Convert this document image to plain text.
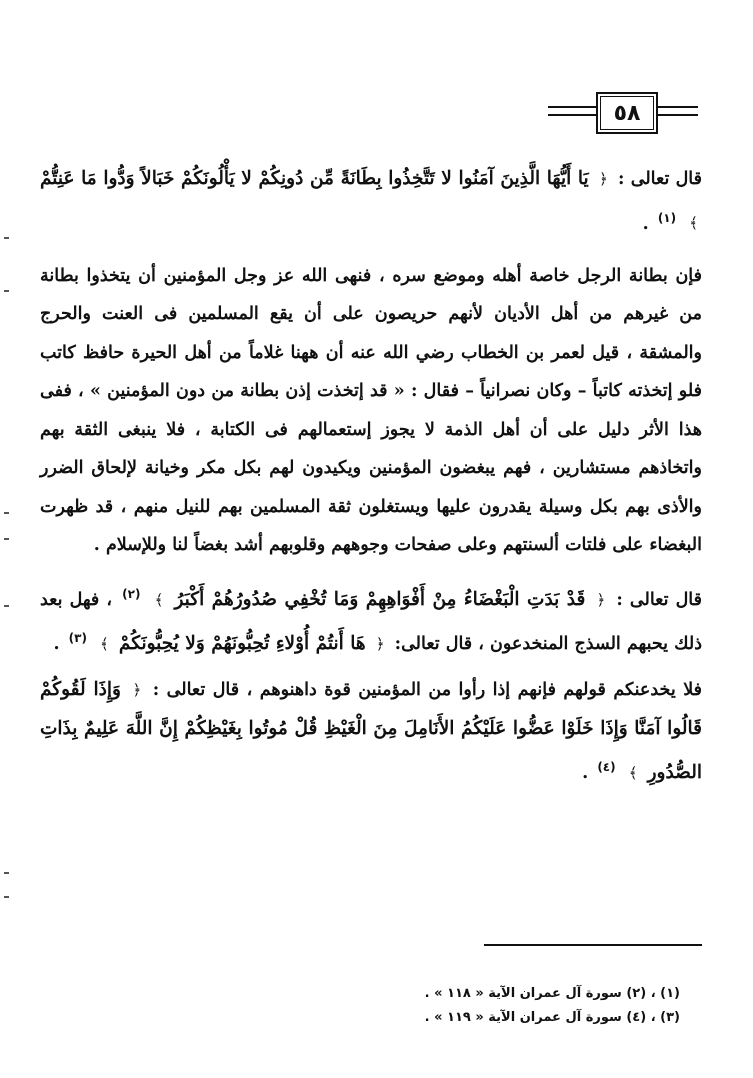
٥٨

قال تعالى : ﴿ يَا أَيُّهَا الَّذِينَ آمَنُوا لا تَتَّخِذُوا بِطَانَةً مِّن دُونِكُمْ لا يَأْلُونَكُمْ خَبَالاً وَدُّوا مَا عَنِتُّمْ ﴾ $^{(١)}$ .

فإن بطانة الرجل خاصة أهله وموضع سره ، فنهى الله عز وجل المؤمنين أن يتخذوا بطانة من غيرهم من أهل الأديان لأنهم حريصون على أن يقع المسلمين فى العنت والحرج والمشقة ، قيل لعمر بن الخطاب رضي الله عنه أن ههنا غلاماً من أهل الحيرة حافظ كاتب فلو إتخذته كاتباً – وكان نصرانياً – فقال : « قد إتخذت إذن بطانة من دون المؤمنين » ، ففى هذا الأثر دليل على أن أهل الذمة لا يجوز إستعمالهم فى الكتابة ، فلا ينبغى الثقة بهم واتخاذهم مستشارين ، فهم يبغضون المؤمنين ويكيدون لهم بكل مكر وخيانة لإلحاق الضرر والأذى بهم بكل وسيلة يقدرون عليها ويستغلون ثقة المسلمين بهم للنيل منهم ، قد ظهرت البغضاء على فلتات ألسنتهم وعلى صفحات وجوههم وقلوبهم أشد بغضاً لنا وللإسلام .

قال تعالى : ﴿ قَدْ بَدَتِ الْبَغْضَاءُ مِنْ أَفْوَاهِهِمْ وَمَا تُخْفِي صُدُورُهُمْ أَكْبَرُ ﴾ $^{(٢)}$ ، فهل بعد ذلك يحبهم السذج المنخدعون ، قال تعالى: ﴿ هَا أَنتُمْ أُوْلاءِ تُحِبُّونَهُمْ وَلا يُحِبُّونَكُمْ ﴾ $^{(٣)}$ .

فلا يخدعنكم قولهم فإنهم إذا رأوا من المؤمنين قوة داهنوهم ، قال تعالى : ﴿ وَإِذَا لَقُوكُمْ قَالُوا آمَنَّا وَإِذَا خَلَوْا عَضُّوا عَلَيْكُمُ الأَنَامِلَ مِنَ الْغَيْظِ قُلْ مُوتُوا بِغَيْظِكُمْ إِنَّ اللَّهَ عَلِيمٌ بِذَاتِ الصُّدُورِ ﴾ $^{(٤)}$ .

(١) ، (٢) سورة آل عمران الآية « ١١٨ » .
(٣) ، (٤) سورة آل عمران الآية « ١١٩ » .
